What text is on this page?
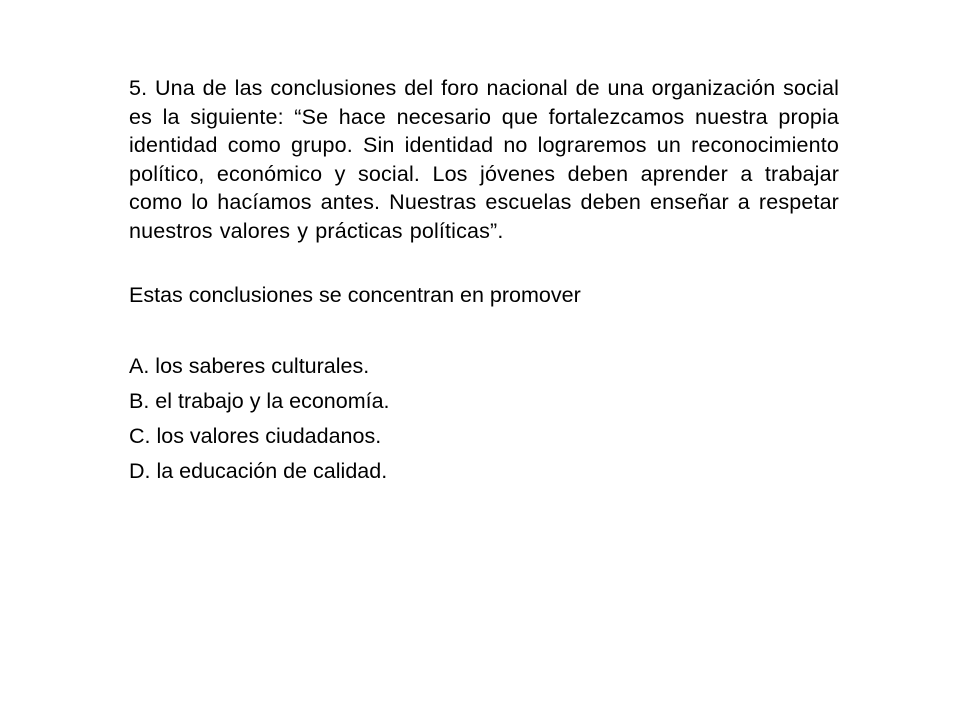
5. Una de las conclusiones del foro nacional de una organización social es la siguiente: “Se hace necesario que fortalezcamos nuestra propia identidad como grupo. Sin identidad no lograremos un reconocimiento político, económico y social. Los jóvenes deben aprender a trabajar como lo hacíamos antes. Nuestras escuelas deben enseñar a respetar nuestros valores y prácticas políticas”.

Estas conclusiones se concentran en promover

A. los saberes culturales.
B. el trabajo y la economía.
C. los valores ciudadanos.
D. la educación de calidad.
